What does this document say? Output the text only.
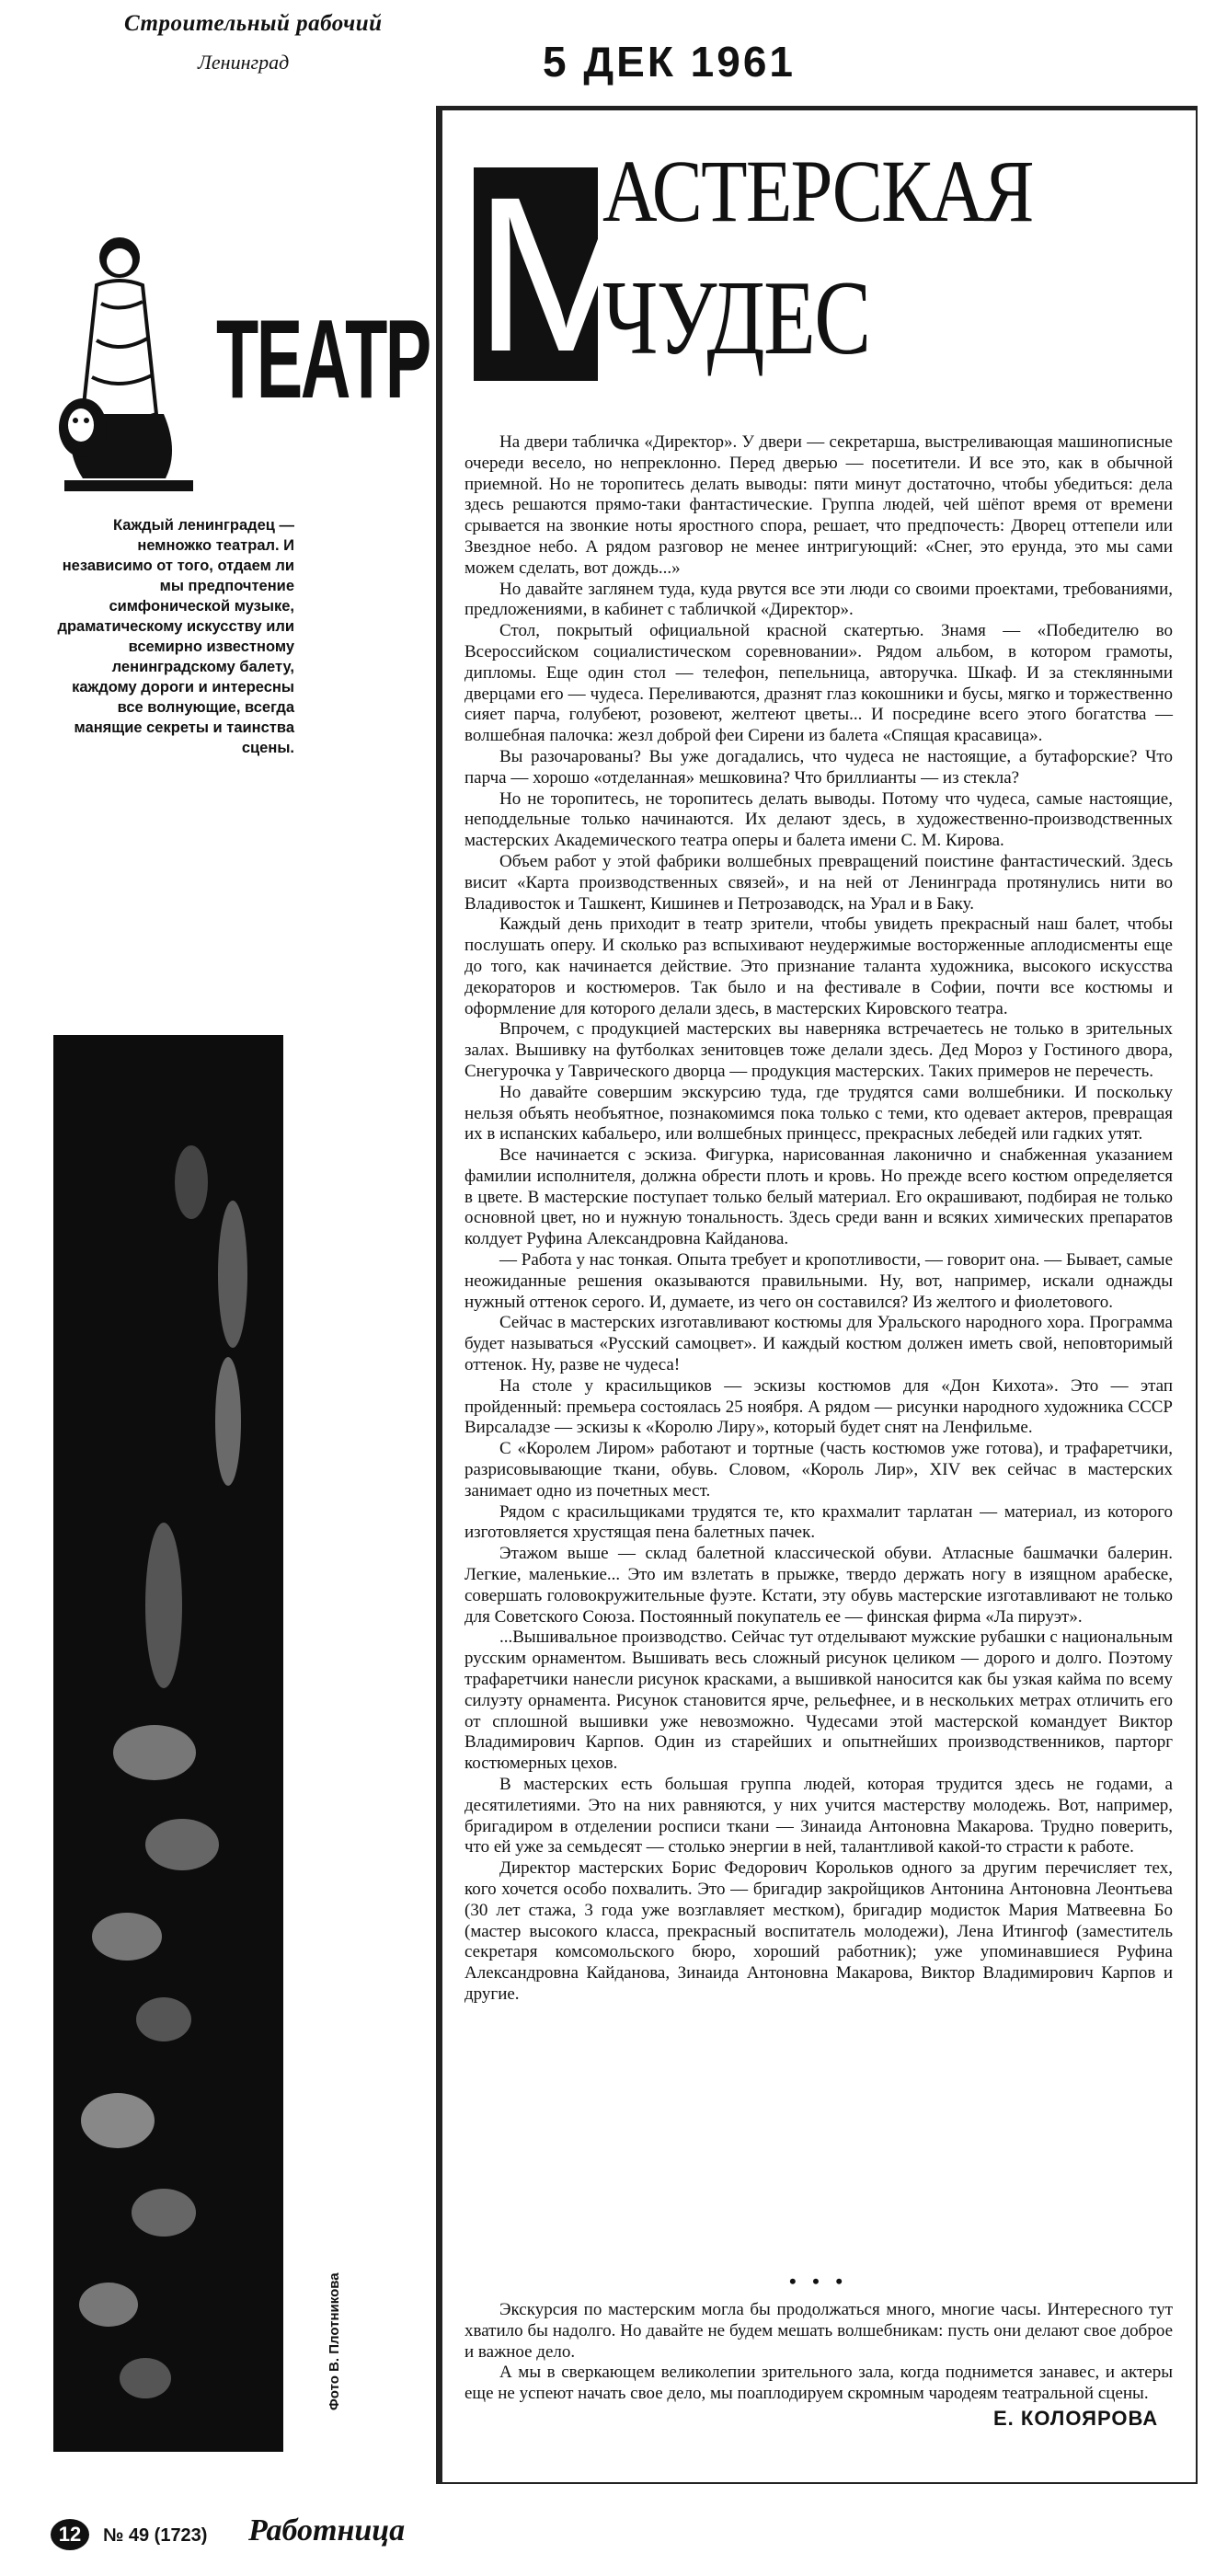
Строительный рабочий
Ленинград	5 ДЕК 1961
ТЕАТР
Каждый ленинградец — немножко театрал. И независимо от того, отдаем ли мы предпочтение симфонической музыке, драматическому искусству или всемирно известному ленинградскому балету, каждому дороги и интересны все волнующие, всегда манящие секреты и таинства сцены.
Фото В. Плотникова
М
АСТЕРСКАЯ
ЧУДЕС

На двери табличка «Директор». У двери — секретарша, выстреливающая машинописные очереди весело, но непреклонно. Перед дверью — посетители. И все это, как в обычной приемной. Но не торопитесь делать выводы: пяти минут достаточно, чтобы убедиться: дела здесь решаются прямо-таки фантастические. Группа людей, чей шёпот время от времени срывается на звонкие ноты яростного спора, решает, что предпочесть: Дворец оттепели или Звездное небо. А рядом разговор не менее интригующий: «Снег, это ерунда, это мы сами можем сделать, вот дождь...»

Но давайте заглянем туда, куда рвутся все эти люди со своими проектами, требованиями, предложениями, в кабинет с табличкой «Директор».

Стол, покрытый официальной красной скатертью. Знамя — «Победителю во Всероссийском социалистическом соревновании». Рядом альбом, в котором грамоты, дипломы. Еще один стол — телефон, пепельница, авторучка. Шкаф. И за стеклянными дверцами его — чудеса. Переливаются, дразнят глаз кокошники и бусы, мягко и торжественно сияет парча, голубеют, розовеют, желтеют цветы... И посредине всего этого богатства — волшебная палочка: жезл доброй феи Сирени из балета «Спящая красавица».

Вы разочарованы? Вы уже догадались, что чудеса не настоящие, а бутафорские? Что парча — хорошо «отделанная» мешковина? Что бриллианты — из стекла?

Но не торопитесь, не торопитесь делать выводы. Потому что чудеса, самые настоящие, неподдельные только начинаются. Их делают здесь, в художественно-производственных мастерских Академического театра оперы и балета имени С. М. Кирова.

Объем работ у этой фабрики волшебных превращений поистине фантастический. Здесь висит «Карта производственных связей», и на ней от Ленинграда протянулись нити во Владивосток и Ташкент, Кишинев и Петрозаводск, на Урал и в Баку.

Каждый день приходит в театр зрители, чтобы увидеть прекрасный наш балет, чтобы послушать оперу. И сколько раз вспыхивают неудержимые восторженные аплодисменты еще до того, как начинается действие. Это признание таланта художника, высокого искусства декораторов и костюмеров. Так было и на фестивале в Софии, почти все костюмы и оформление для которого делали здесь, в мастерских Кировского театра.

Впрочем, с продукцией мастерских вы наверняка встречаетесь не только в зрительных залах. Вышивку на футболках зенитовцев тоже делали здесь. Дед Мороз у Гостиного двора, Снегурочка у Таврического дворца — продукция мастерских. Таких примеров не перечесть.

Но давайте совершим экскурсию туда, где трудятся сами волшебники. И поскольку нельзя объять необъятное, познакомимся пока только с теми, кто одевает актеров, превращая их в испанских кабальеро, или волшебных принцесс, прекрасных лебедей или гадких утят.

Все начинается с эскиза. Фигурка, нарисованная лаконично и снабженная указанием фамилии исполнителя, должна обрести плоть и кровь. Но прежде всего костюм определяется в цвете. В мастерские поступает только белый материал. Его окрашивают, подбирая не только основной цвет, но и нужную тональность. Здесь среди ванн и всяких химических препаратов колдует Руфина Александровна Кайданова.

— Работа у нас тонкая. Опыта требует и кропотливости, — говорит она. — Бывает, самые неожиданные решения оказываются правильными. Ну, вот, например, искали однажды нужный оттенок серого. И, думаете, из чего он составился? Из желтого и фиолетового.

Сейчас в мастерских изготавливают костюмы для Уральского народного хора. Программа будет называться «Русский самоцвет». И каждый костюм должен иметь свой, неповторимый оттенок. Ну, разве не чудеса!

На столе у красильщиков — эскизы костюмов для «Дон Кихота». Это — этап пройденный: премьера состоялась 25 ноября. А рядом — рисунки народного художника СССР Вирсаладзе — эскизы к «Королю Лиру», который будет снят на Ленфильме.

С «Королем Лиром» работают и тортные (часть костюмов уже готова), и трафаретчики, разрисовывающие ткани, обувь. Словом, «Король Лир», XIV век сейчас в мастерских занимает одно из почетных мест.

Рядом с красильщиками трудятся те, кто крахмалит тарлатан — материал, из которого изготовляется хрустящая пена балетных пачек.

Этажом выше — склад балетной классической обуви. Атласные башмачки балерин. Легкие, маленькие... Это им взлетать в прыжке, твердо держать ногу в изящном арабеске, совершать головокружительные фуэте. Кстати, эту обувь мастерские изготавливают не только для Советского Союза. Постоянный покупатель ее — финская фирма «Ла пируэт».

...Вышивальное производство. Сейчас тут отделывают мужские рубашки с национальным русским орнаментом. Вышивать весь сложный рисунок целиком — дорого и долго. Поэтому трафаретчики нанесли рисунок красками, а вышивкой наносится как бы узкая кайма по всему силуэту орнамента. Рисунок становится ярче, рельефнее, и в нескольких метрах отличить его от сплошной вышивки уже невозможно. Чудесами этой мастерской командует Виктор Владимирович Карпов. Один из старейших и опытнейших производственников, парторг костюмерных цехов.

В мастерских есть большая группа людей, которая трудится здесь не годами, а десятилетиями. Это на них равняются, у них учится мастерству молодежь. Вот, например, бригадиром в отделении росписи ткани — Зинаида Антоновна Макарова. Трудно поверить, что ей уже за семьдесят — столько энергии в ней, талантливой какой-то страсти к работе.

Директор мастерских Борис Федорович Корольков одного за другим перечисляет тех, кого хочется особо похвалить. Это — бригадир закройщиков Антонина Антоновна Леонтьева (30 лет стажа, 3 года уже возглавляет местком), бригадир модисток Мария Матвеевна Бо (мастер высокого класса, прекрасный воспитатель молодежи), Лена Итингоф (заместитель секретаря комсомольского бюро, хороший работник); уже упоминавшиеся Руфина Александровна Кайданова, Зинаида Антоновна Макарова, Виктор Владимирович Карпов и другие.

• • •

Экскурсия по мастерским могла бы продолжаться много, многие часы. Интересного тут хватило бы надолго. Но давайте не будем мешать волшебникам: пусть они делают свое доброе и важное дело.

А мы в сверкающем великолепии зрительного зала, когда поднимется занавес, и актеры еще не успеют начать свое дело, мы поаплодируем скромным чародеям театральной сцены.

Е. КОЛОЯРОВА
12	№ 49 (1723) Работница
